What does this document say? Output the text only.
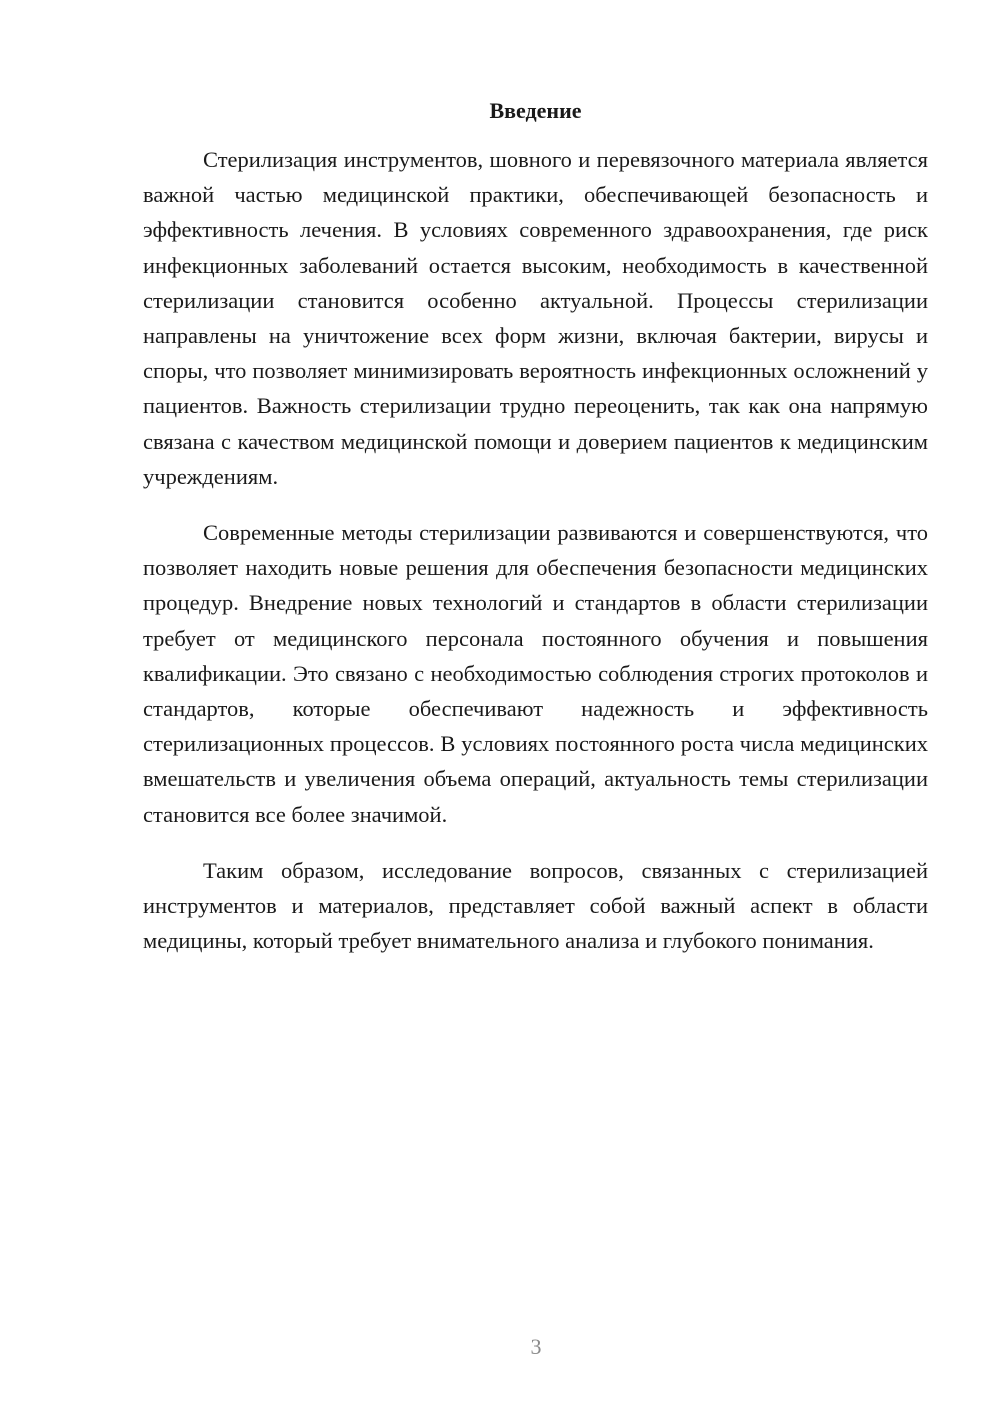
Введение

Стерилизация инструментов, шовного и перевязочного материала является важной частью медицинской практики, обеспечивающей безопасность и эффективность лечения. В условиях современного здравоохранения, где риск инфекционных заболеваний остается высоким, необходимость в качественной стерилизации становится особенно актуальной. Процессы стерилизации направлены на уничтожение всех форм жизни, включая бактерии, вирусы и споры, что позволяет минимизировать вероятность инфекционных осложнений у пациентов. Важность стерилизации трудно переоценить, так как она напрямую связана с качеством медицинской помощи и доверием пациентов к медицинским учреждениям.

Современные методы стерилизации развиваются и совершенствуются, что позволяет находить новые решения для обеспечения безопасности медицинских процедур. Внедрение новых технологий и стандартов в области стерилизации требует от медицинского персонала постоянного обучения и повышения квалификации. Это связано с необходимостью соблюдения строгих протоколов и стандартов, которые обеспечивают надежность и эффективность стерилизационных процессов. В условиях постоянного роста числа медицинских вмешательств и увеличения объема операций, актуальность темы стерилизации становится все более значимой.

Таким образом, исследование вопросов, связанных с стерилизацией инструментов и материалов, представляет собой важный аспект в области медицины, который требует внимательного анализа и глубокого понимания.

3
